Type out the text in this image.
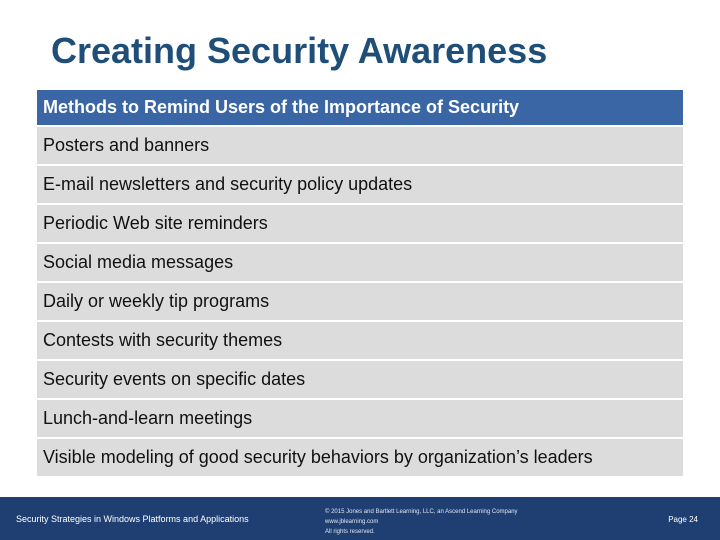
Creating Security Awareness
Methods to Remind Users of the Importance of Security
Posters and banners
E-mail newsletters and security policy updates
Periodic Web site reminders
Social media messages
Daily or weekly tip programs
Contests with security themes
Security events on specific dates
Lunch-and-learn meetings
Visible modeling of good security behaviors by organization’s leaders
Security Strategies in Windows Platforms and Applications
© 2015 Jones and Bartlett Learning, LLC, an Ascend Learning Company
www.jblearning.com
All rights reserved.
Page 24
